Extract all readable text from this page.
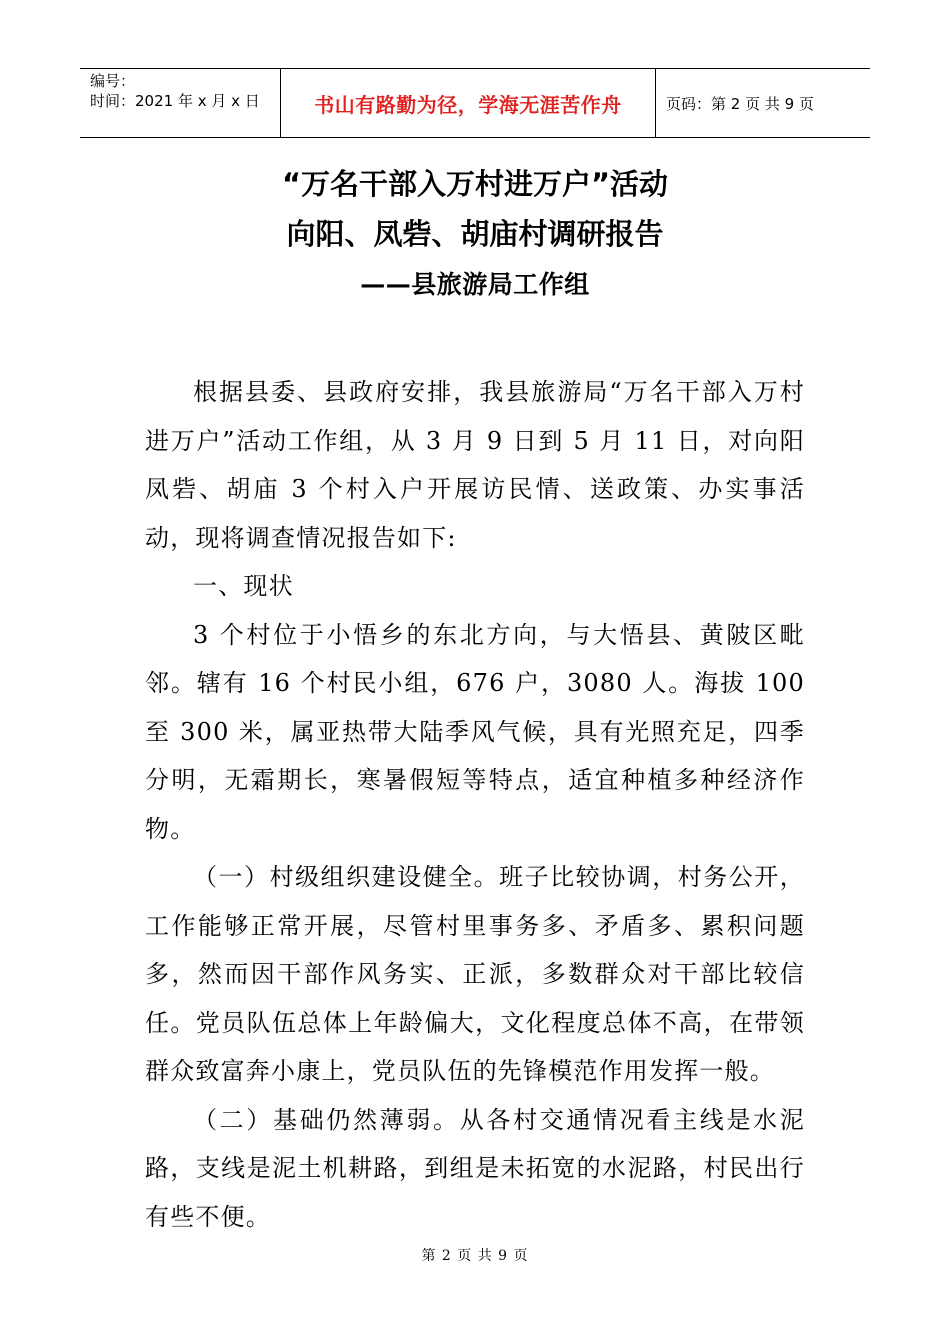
编号：
时间：2021 年 x 月 x 日	书山有路勤为径，学海无涯苦作舟	页码：第 2 页 共 9 页
“万名干部入万村进万户”活动
向阳、凤砦、胡庙村调研报告
——县旅游局工作组

根据县委、县政府安排，我县旅游局“万名干部入万村进万户”活动工作组，从 3 月 9 日到 5 月 11 日，对向阳凤砦、胡庙 3 个村入户开展访民情、送政策、办实事活动，现将调查情况报告如下:

一、现状

3 个村位于小悟乡的东北方向，与大悟县、黄陂区毗邻。辖有 16 个村民小组，676 户，3080 人。海拔 100 至 300 米，属亚热带大陆季风气候，具有光照充足，四季分明，无霜期长，寒暑假短等特点，适宜种植多种经济作物。

（一）村级组织建设健全。班子比较协调，村务公开，工作能够正常开展，尽管村里事务多、矛盾多、累积问题多，然而因干部作风务实、正派，多数群众对干部比较信任。党员队伍总体上年龄偏大，文化程度总体不高，在带领群众致富奔小康上，党员队伍的先锋模范作用发挥一般。

（二）基础仍然薄弱。从各村交通情况看主线是水泥路，支线是泥土机耕路，到组是未拓宽的水泥路，村民出行有些不便。

第 2 页 共 9 页
